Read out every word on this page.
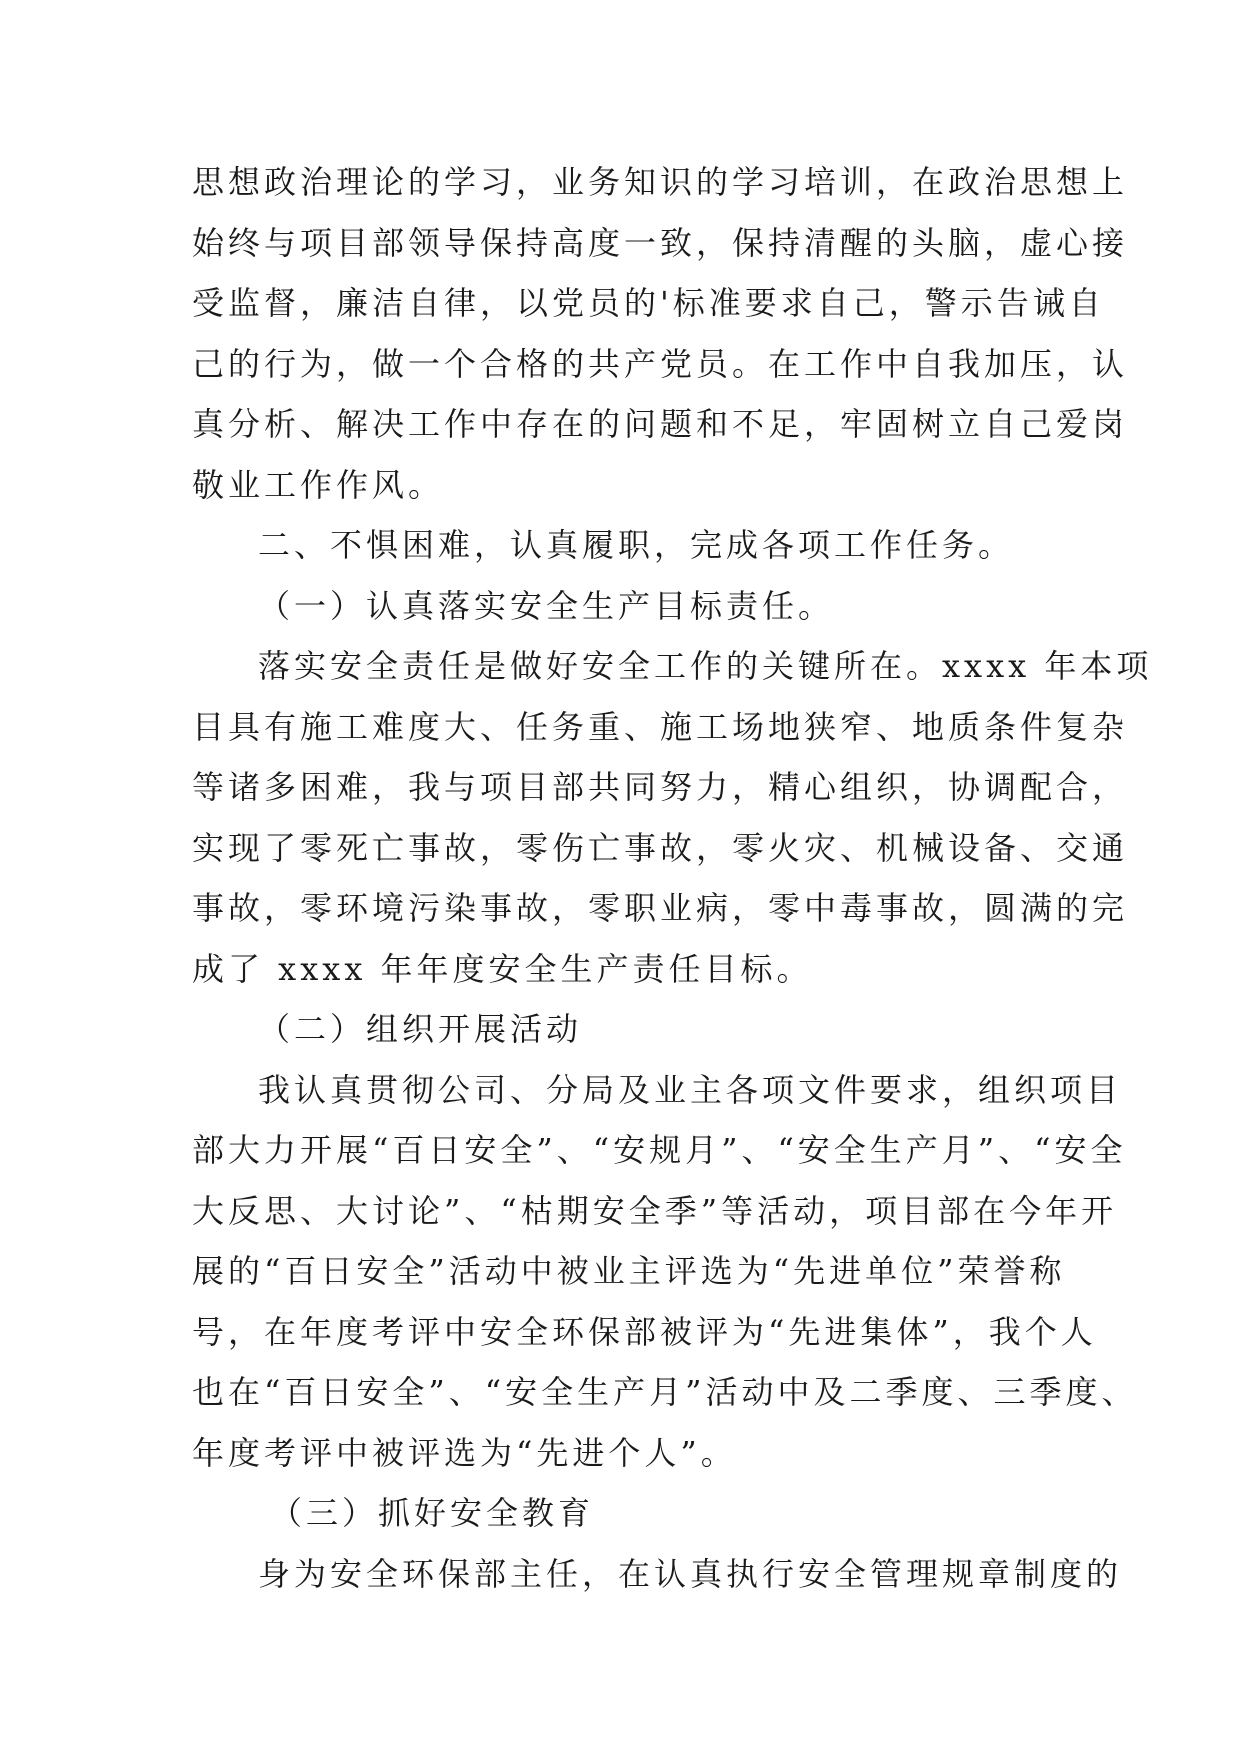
思想政治理论的学习，业务知识的学习培训，在政治思想上
始终与项目部领导保持高度一致，保持清醒的头脑，虚心接
受监督，廉洁自律，以党员的'标准要求自己，警示告诫自
己的行为，做一个合格的共产党员。在工作中自我加压，认
真分析、解决工作中存在的问题和不足，牢固树立自己爱岗
敬业工作作风。
二、不惧困难，认真履职，完成各项工作任务。
（一）认真落实安全生产目标责任。
落实安全责任是做好安全工作的关键所在。xxxx 年本项
目具有施工难度大、任务重、施工场地狭窄、地质条件复杂
等诸多困难，我与项目部共同努力，精心组织，协调配合，
实现了零死亡事故，零伤亡事故，零火灾、机械设备、交通
事故，零环境污染事故，零职业病，零中毒事故，圆满的完
成了 xxxx 年年度安全生产责任目标。
（二）组织开展活动
我认真贯彻公司、分局及业主各项文件要求，组织项目
部大力开展“百日安全”、“安规月”、“安全生产月”、“安全
大反思、大讨论”、“枯期安全季”等活动，项目部在今年开
展的“百日安全”活动中被业主评选为“先进单位”荣誉称
号，在年度考评中安全环保部被评为“先进集体”，我个人
也在“百日安全”、“安全生产月”活动中及二季度、三季度、
年度考评中被评选为“先进个人”。
（三）抓好安全教育
身为安全环保部主任，在认真执行安全管理规章制度的
